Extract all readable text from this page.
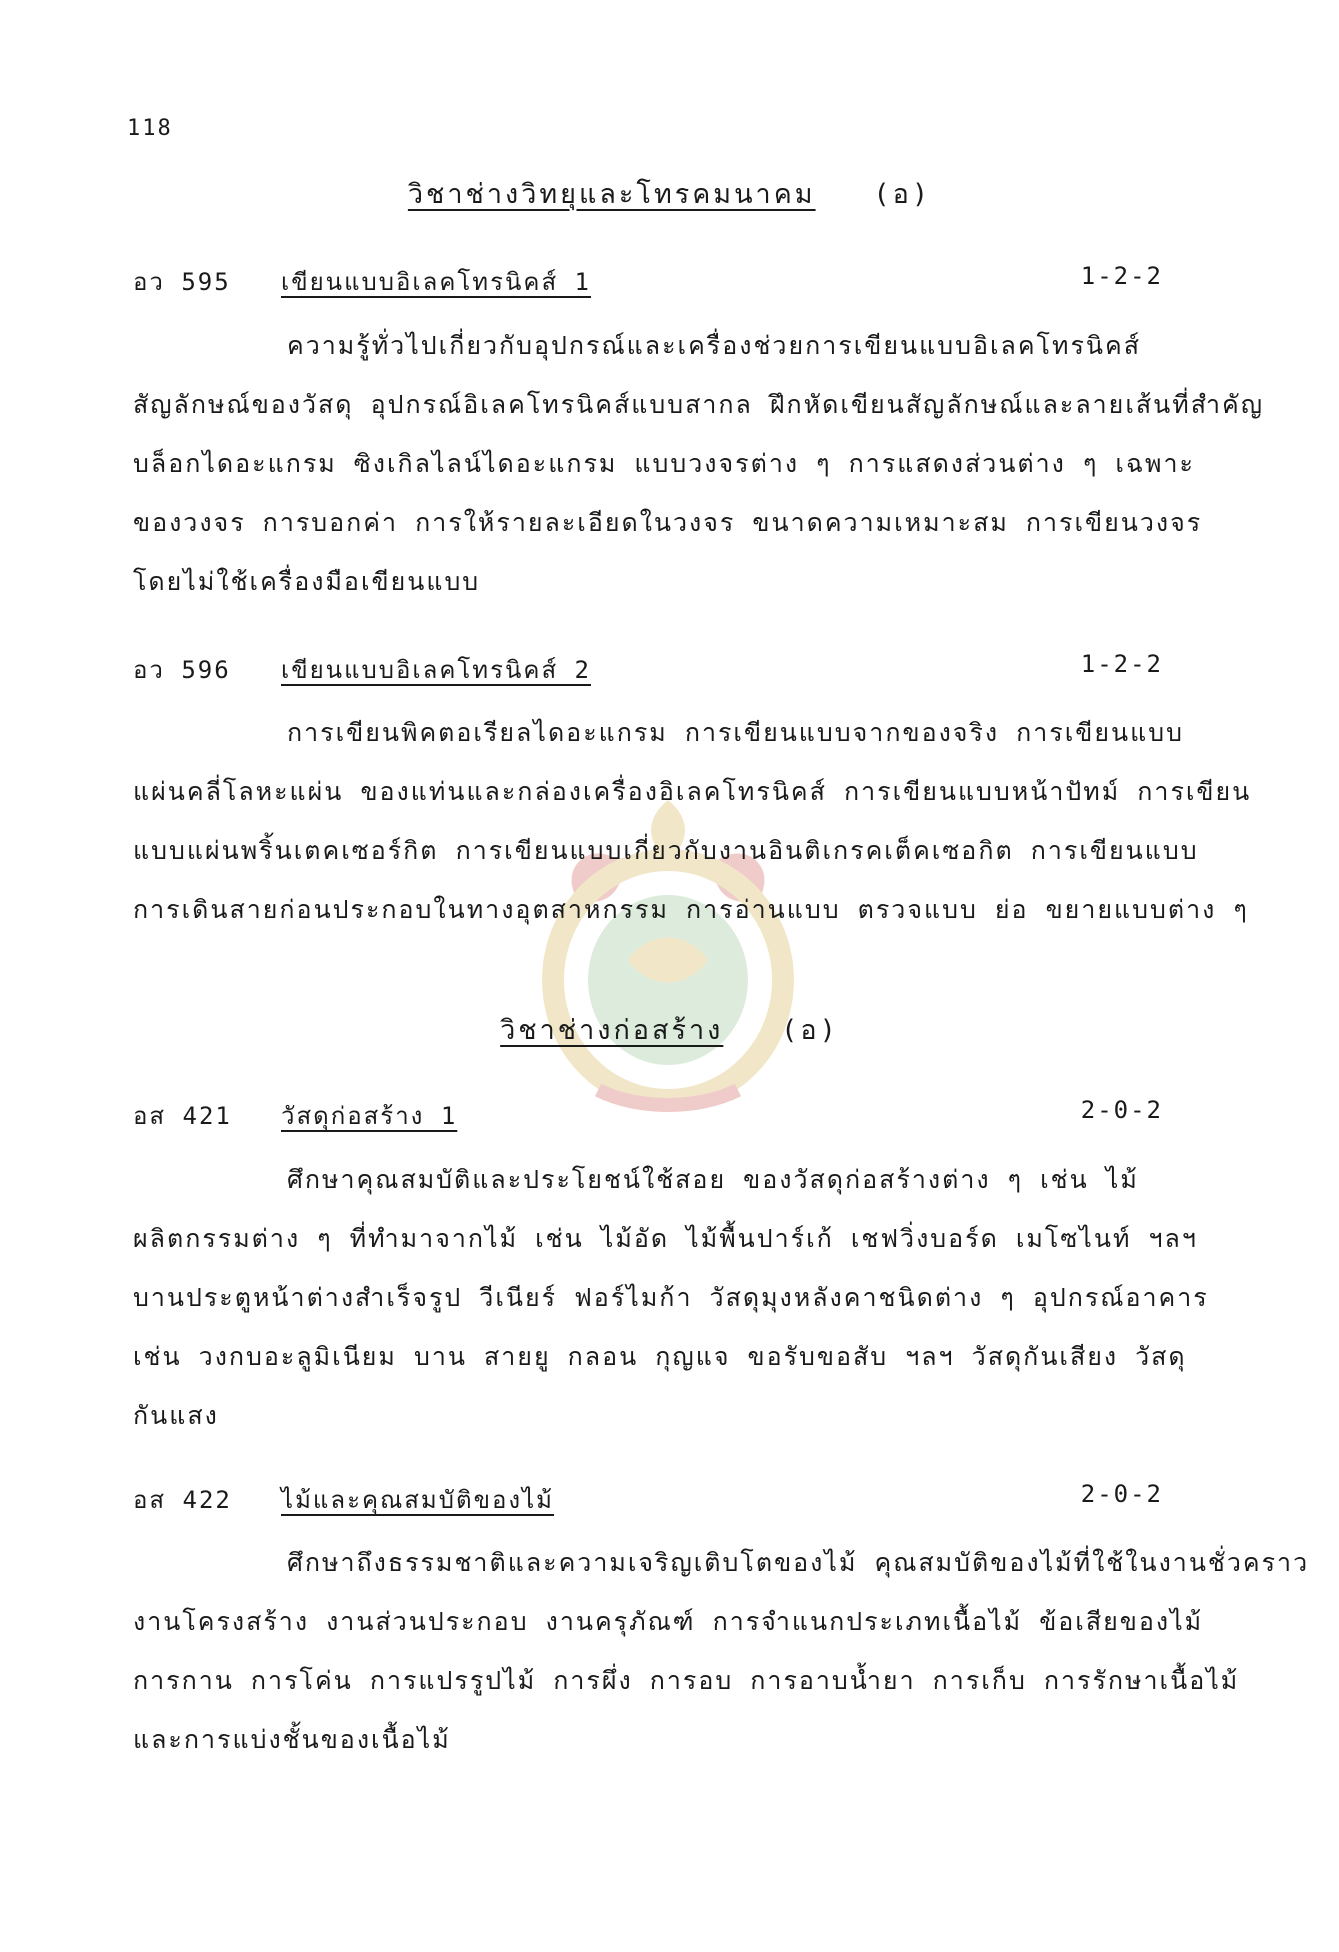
118
วิชาช่างวิทยุและโทรคมนาคม (อ)
อว 595 เขียนแบบอิเลคโทรนิคส์ 1	1-2-2

ความรู้ทั่วไปเกี่ยวกับอุปกรณ์และเครื่องช่วยการเขียนแบบอิเลคโทรนิคส์

สัญลักษณ์ของวัสดุ อุปกรณ์อิเลคโทรนิคส์แบบสากล ฝึกหัดเขียนสัญลักษณ์และลายเส้นที่สำคัญ

บล็อกไดอะแกรม ซิงเกิลไลน์ไดอะแกรม แบบวงจรต่าง ๆ การแสดงส่วนต่าง ๆ เฉพาะ

ของวงจร การบอกค่า การให้รายละเอียดในวงจร ขนาดความเหมาะสม การเขียนวงจร

โดยไม่ใช้เครื่องมือเขียนแบบ

อว 596 เขียนแบบอิเลคโทรนิคส์ 2	1-2-2

การเขียนพิคตอเรียลไดอะแกรม การเขียนแบบจากของจริง การเขียนแบบ

แผ่นคลี่โลหะแผ่น ของแท่นและกล่องเครื่องอิเลคโทรนิคส์ การเขียนแบบหน้าปัทม์ การเขียน

แบบแผ่นพริ้นเตคเซอร์กิต การเขียนแบบเกี่ยวกับงานอินติเกรคเต็คเซอกิต การเขียนแบบ

การเดินสายก่อนประกอบในทางอุตสาหกรรม การอ่านแบบ ตรวจแบบ ย่อ ขยายแบบต่าง ๆ

วิชาช่างก่อสร้าง (อ)
อส 421 วัสดุก่อสร้าง 1	2-0-2

ศึกษาคุณสมบัติและประโยชน์ใช้สอย ของวัสดุก่อสร้างต่าง ๆ เช่น ไม้

ผลิตกรรมต่าง ๆ ที่ทำมาจากไม้ เช่น ไม้อัด ไม้พื้นปาร์เก้ เชฟวิ่งบอร์ด เมโซไนท์ ฯลฯ

บานประตูหน้าต่างสำเร็จรูป วีเนียร์ ฟอร์ไมก้า วัสดุมุงหลังคาชนิดต่าง ๆ อุปกรณ์อาคาร

เช่น วงกบอะลูมิเนียม บาน สายยู กลอน กุญแจ ขอรับขอสับ ฯลฯ วัสดุกันเสียง วัสดุ

กันแสง

อส 422 ไม้และคุณสมบัติของไม้	2-0-2

ศึกษาถึงธรรมชาติและความเจริญเติบโตของไม้ คุณสมบัติของไม้ที่ใช้ในงานชั่วคราว

งานโครงสร้าง งานส่วนประกอบ งานครุภัณฑ์ การจำแนกประเภทเนื้อไม้ ข้อเสียของไม้

การกาน การโค่น การแปรรูปไม้ การผึ่ง การอบ การอาบน้ำยา การเก็บ การรักษาเนื้อไม้

และการแบ่งชั้นของเนื้อไม้
